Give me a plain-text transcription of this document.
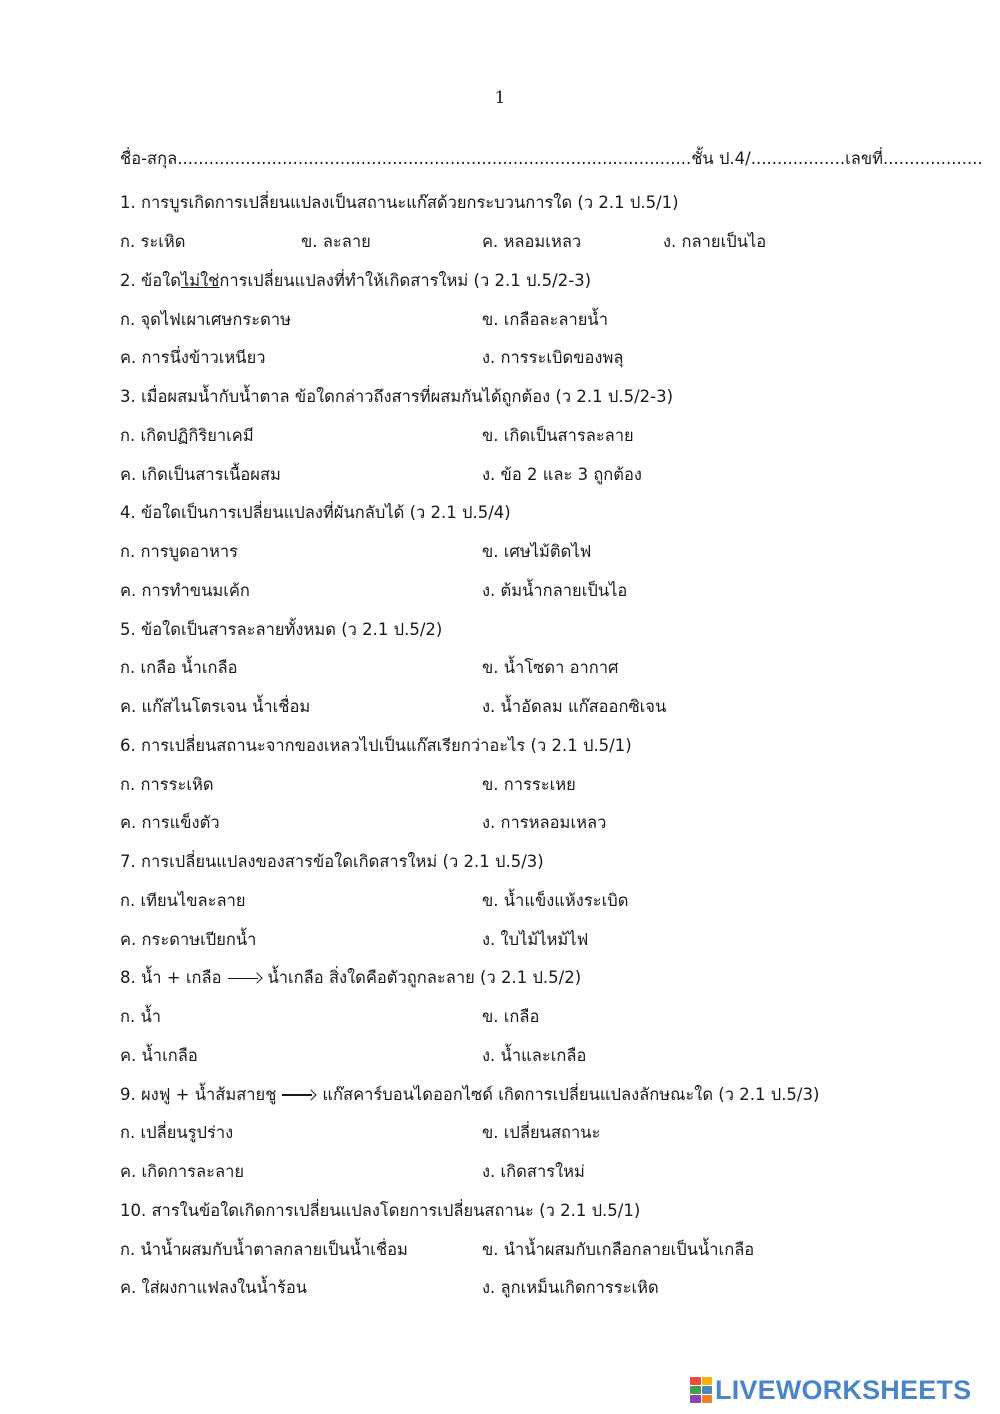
1
ชื่อ-สกุล..................................................................................................ชั้น ป.4/..................เลขที่...................
1. การบูรเกิดการเปลี่ยนแปลงเป็นสถานะแก๊สด้วยกระบวนการใด (ว 2.1 ป.5/1)
ก. ระเหิด	ข. ละลาย	ค. หลอมเหลว	ง. กลายเป็นไอ
2. ข้อใดไม่ใช่การเปลี่ยนแปลงที่ทำให้เกิดสารใหม่ (ว 2.1 ป.5/2-3)
ก. จุดไฟเผาเศษกระดาษ	ข. เกลือละลายน้ำ
ค. การนึ่งข้าวเหนียว	ง. การระเบิดของพลุ
3. เมื่อผสมน้ำกับน้ำตาล ข้อใดกล่าวถึงสารที่ผสมกันได้ถูกต้อง (ว 2.1 ป.5/2-3)
ก. เกิดปฏิกิริยาเคมี	ข. เกิดเป็นสารละลาย
ค. เกิดเป็นสารเนื้อผสม	ง. ข้อ 2 และ 3 ถูกต้อง
4. ข้อใดเป็นการเปลี่ยนแปลงที่ผันกลับได้ (ว 2.1 ป.5/4)
ก. การบูดอาหาร	ข. เศษไม้ติดไฟ
ค. การทำขนมเค้ก	ง. ต้มน้ำกลายเป็นไอ
5. ข้อใดเป็นสารละลายทั้งหมด (ว 2.1 ป.5/2)
ก. เกลือ น้ำเกลือ	ข. น้ำโซดา อากาศ
ค. แก๊สไนโตรเจน น้ำเชื่อม	ง. น้ำอัดลม แก๊สออกซิเจน
6. การเปลี่ยนสถานะจากของเหลวไปเป็นแก๊สเรียกว่าอะไร (ว 2.1 ป.5/1)
ก. การระเหิด	ข. การระเหย
ค. การแข็งตัว	ง. การหลอมเหลว
7. การเปลี่ยนแปลงของสารข้อใดเกิดสารใหม่ (ว 2.1 ป.5/3)
ก. เทียนไขละลาย	ข. น้ำแข็งแห้งระเบิด
ค. กระดาษเปียกน้ำ	ง. ใบไม้ไหม้ไฟ
8. น้ำ + เกลือ	น้ำเกลือ สิ่งใดคือตัวถูกละลาย (ว 2.1 ป.5/2)
ก. น้ำ	ข. เกลือ
ค. น้ำเกลือ	ง. น้ำและเกลือ
9. ผงฟู + น้ำส้มสายชู	แก๊สคาร์บอนไดออกไซด์ เกิดการเปลี่ยนแปลงลักษณะใด (ว 2.1 ป.5/3)
ก. เปลี่ยนรูปร่าง	ข. เปลี่ยนสถานะ
ค. เกิดการละลาย	ง. เกิดสารใหม่
10. สารในข้อใดเกิดการเปลี่ยนแปลงโดยการเปลี่ยนสถานะ (ว 2.1 ป.5/1)
ก. นำน้ำผสมกับน้ำตาลกลายเป็นน้ำเชื่อม	ข. นำน้ำผสมกับเกลือกลายเป็นน้ำเกลือ
ค. ใส่ผงกาแฟลงในน้ำร้อน	ง. ลูกเหม็นเกิดการระเหิด
LIVEWORKSHEETS
